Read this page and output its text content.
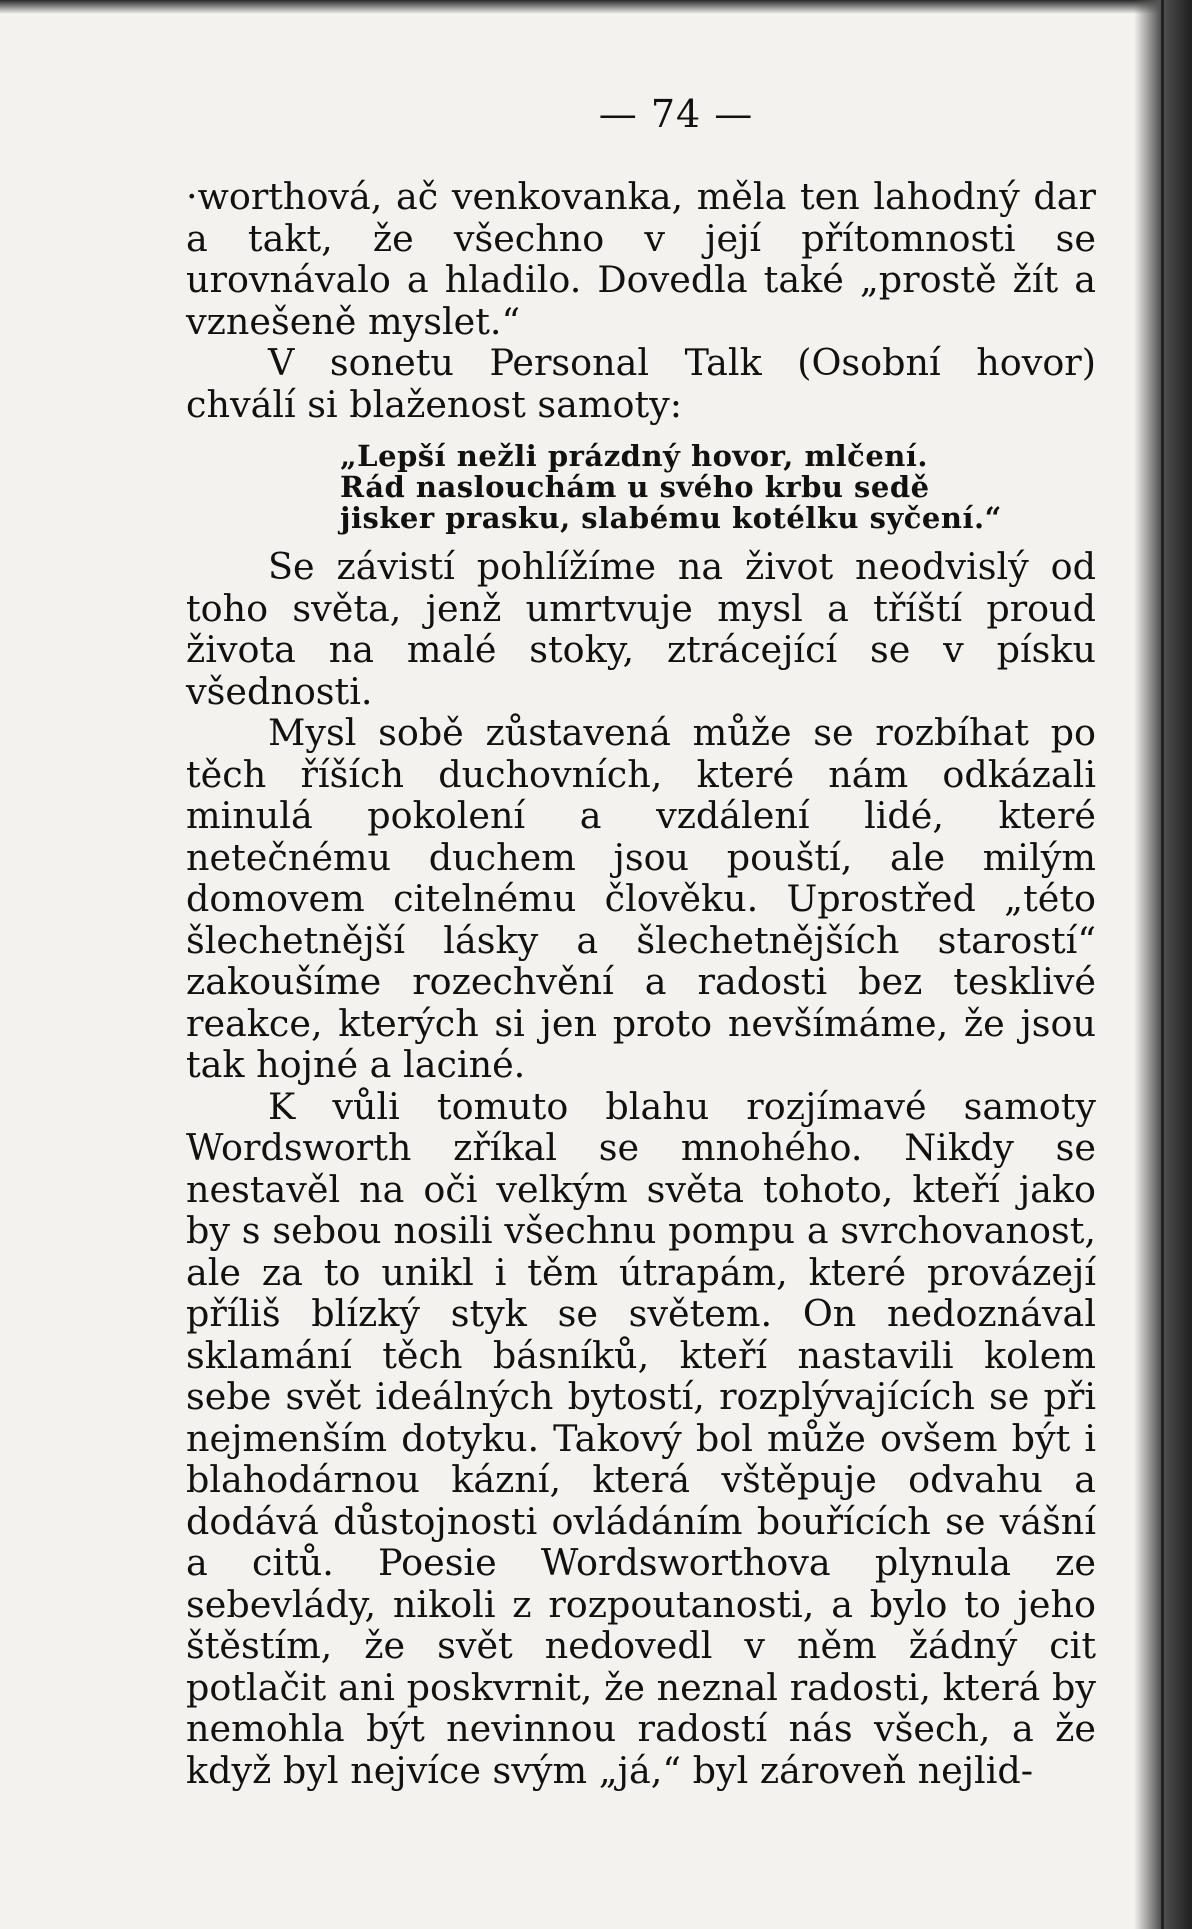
— 74 —

·worthová, ač venkovanka, měla ten lahodný dar a takt, že všechno v její přítomnosti se urovnávalo a hladilo. Dovedla také „prostě žít a vznešeně myslet.“

V sonetu Personal Talk (Osobní hovor) chválí si blaženost samoty:

„Lepší nežli prázdný hovor, mlčení.
Rád naslouchám u svého krbu sedě
jisker prasku, slabému kotélku syčení.“

Se závistí pohlížíme na život neodvislý od toho světa, jenž umrtvuje mysl a tříští proud života na malé stoky, ztrácející se v písku všednosti.

Mysl sobě zůstavená může se rozbíhat po těch říších duchovních, které nám odkázali minulá pokolení a vzdálení lidé, které netečnému duchem jsou pouští, ale milým domovem citelnému člověku. Uprostřed „této šlechetnější lásky a šlechetnějších starostí“ zakoušíme rozechvění a radosti bez tesklivé reakce, kterých si jen proto nevšímáme, že jsou tak hojné a laciné.

K vůli tomuto blahu rozjímavé samoty Wordsworth zříkal se mnohého. Nikdy se nestavěl na oči velkým světa tohoto, kteří jako by s sebou nosili všechnu pompu a svrchovanost, ale za to unikl i těm útrapám, které provázejí příliš blízký styk se světem. On nedoznával sklamání těch básníků, kteří nastavili kolem sebe svět ideálných bytostí, rozplývajících se při nejmenším dotyku. Takový bol může ovšem být i blahodárnou kázní, která vštěpuje odvahu a dodává důstojnosti ovládáním bouřících se vášní a citů. Poesie Wordsworthova plynula ze sebevlády, nikoli z rozpoutanosti, a bylo to jeho štěstím, že svět nedovedl v něm žádný cit potlačit ani poskvrnit, že neznal radosti, která by nemohla být nevinnou radostí nás všech, a že když byl nejvíce svým „já,“ byl zároveň nejlid-
